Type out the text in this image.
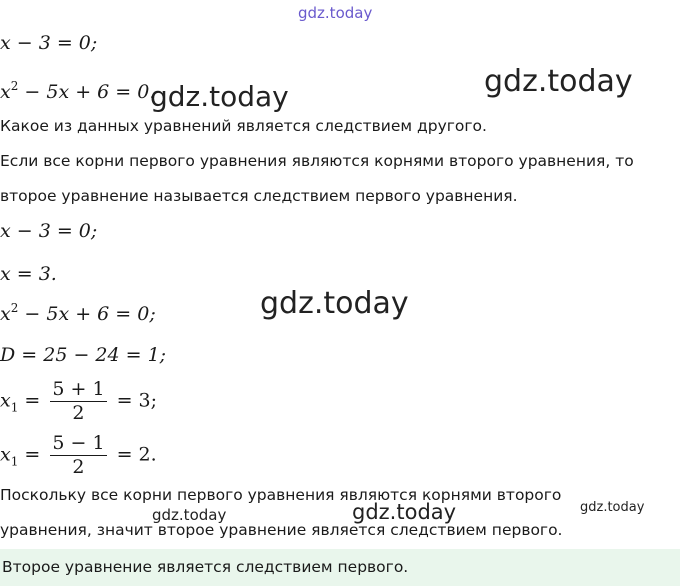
gdz.today
gdz.today	gdz.today
gdz.today
gdz.today	gdz.today	gdz.today
x − 3 = 0;
$x^2 - 5x + 6 = 0$.
Какое из данных уравнений является следствием другого.
Если все корни первого уравнения являются корнями второго уравнения, то
второе уравнение называется следствием первого уравнения.
x − 3 = 0;
x = 3.
$x^2 - 5x + 6 = 0$;
D = 25 − 24 = 1;
$x_1 = \frac{5 + 1}{2} = 3$;
$x_1 = \frac{5 - 1}{2} = 2$.
Поскольку все корни первого уравнения являются корнями второго
уравнения, значит второе уравнение является следствием первого.
Второе уравнение является следствием первого.
